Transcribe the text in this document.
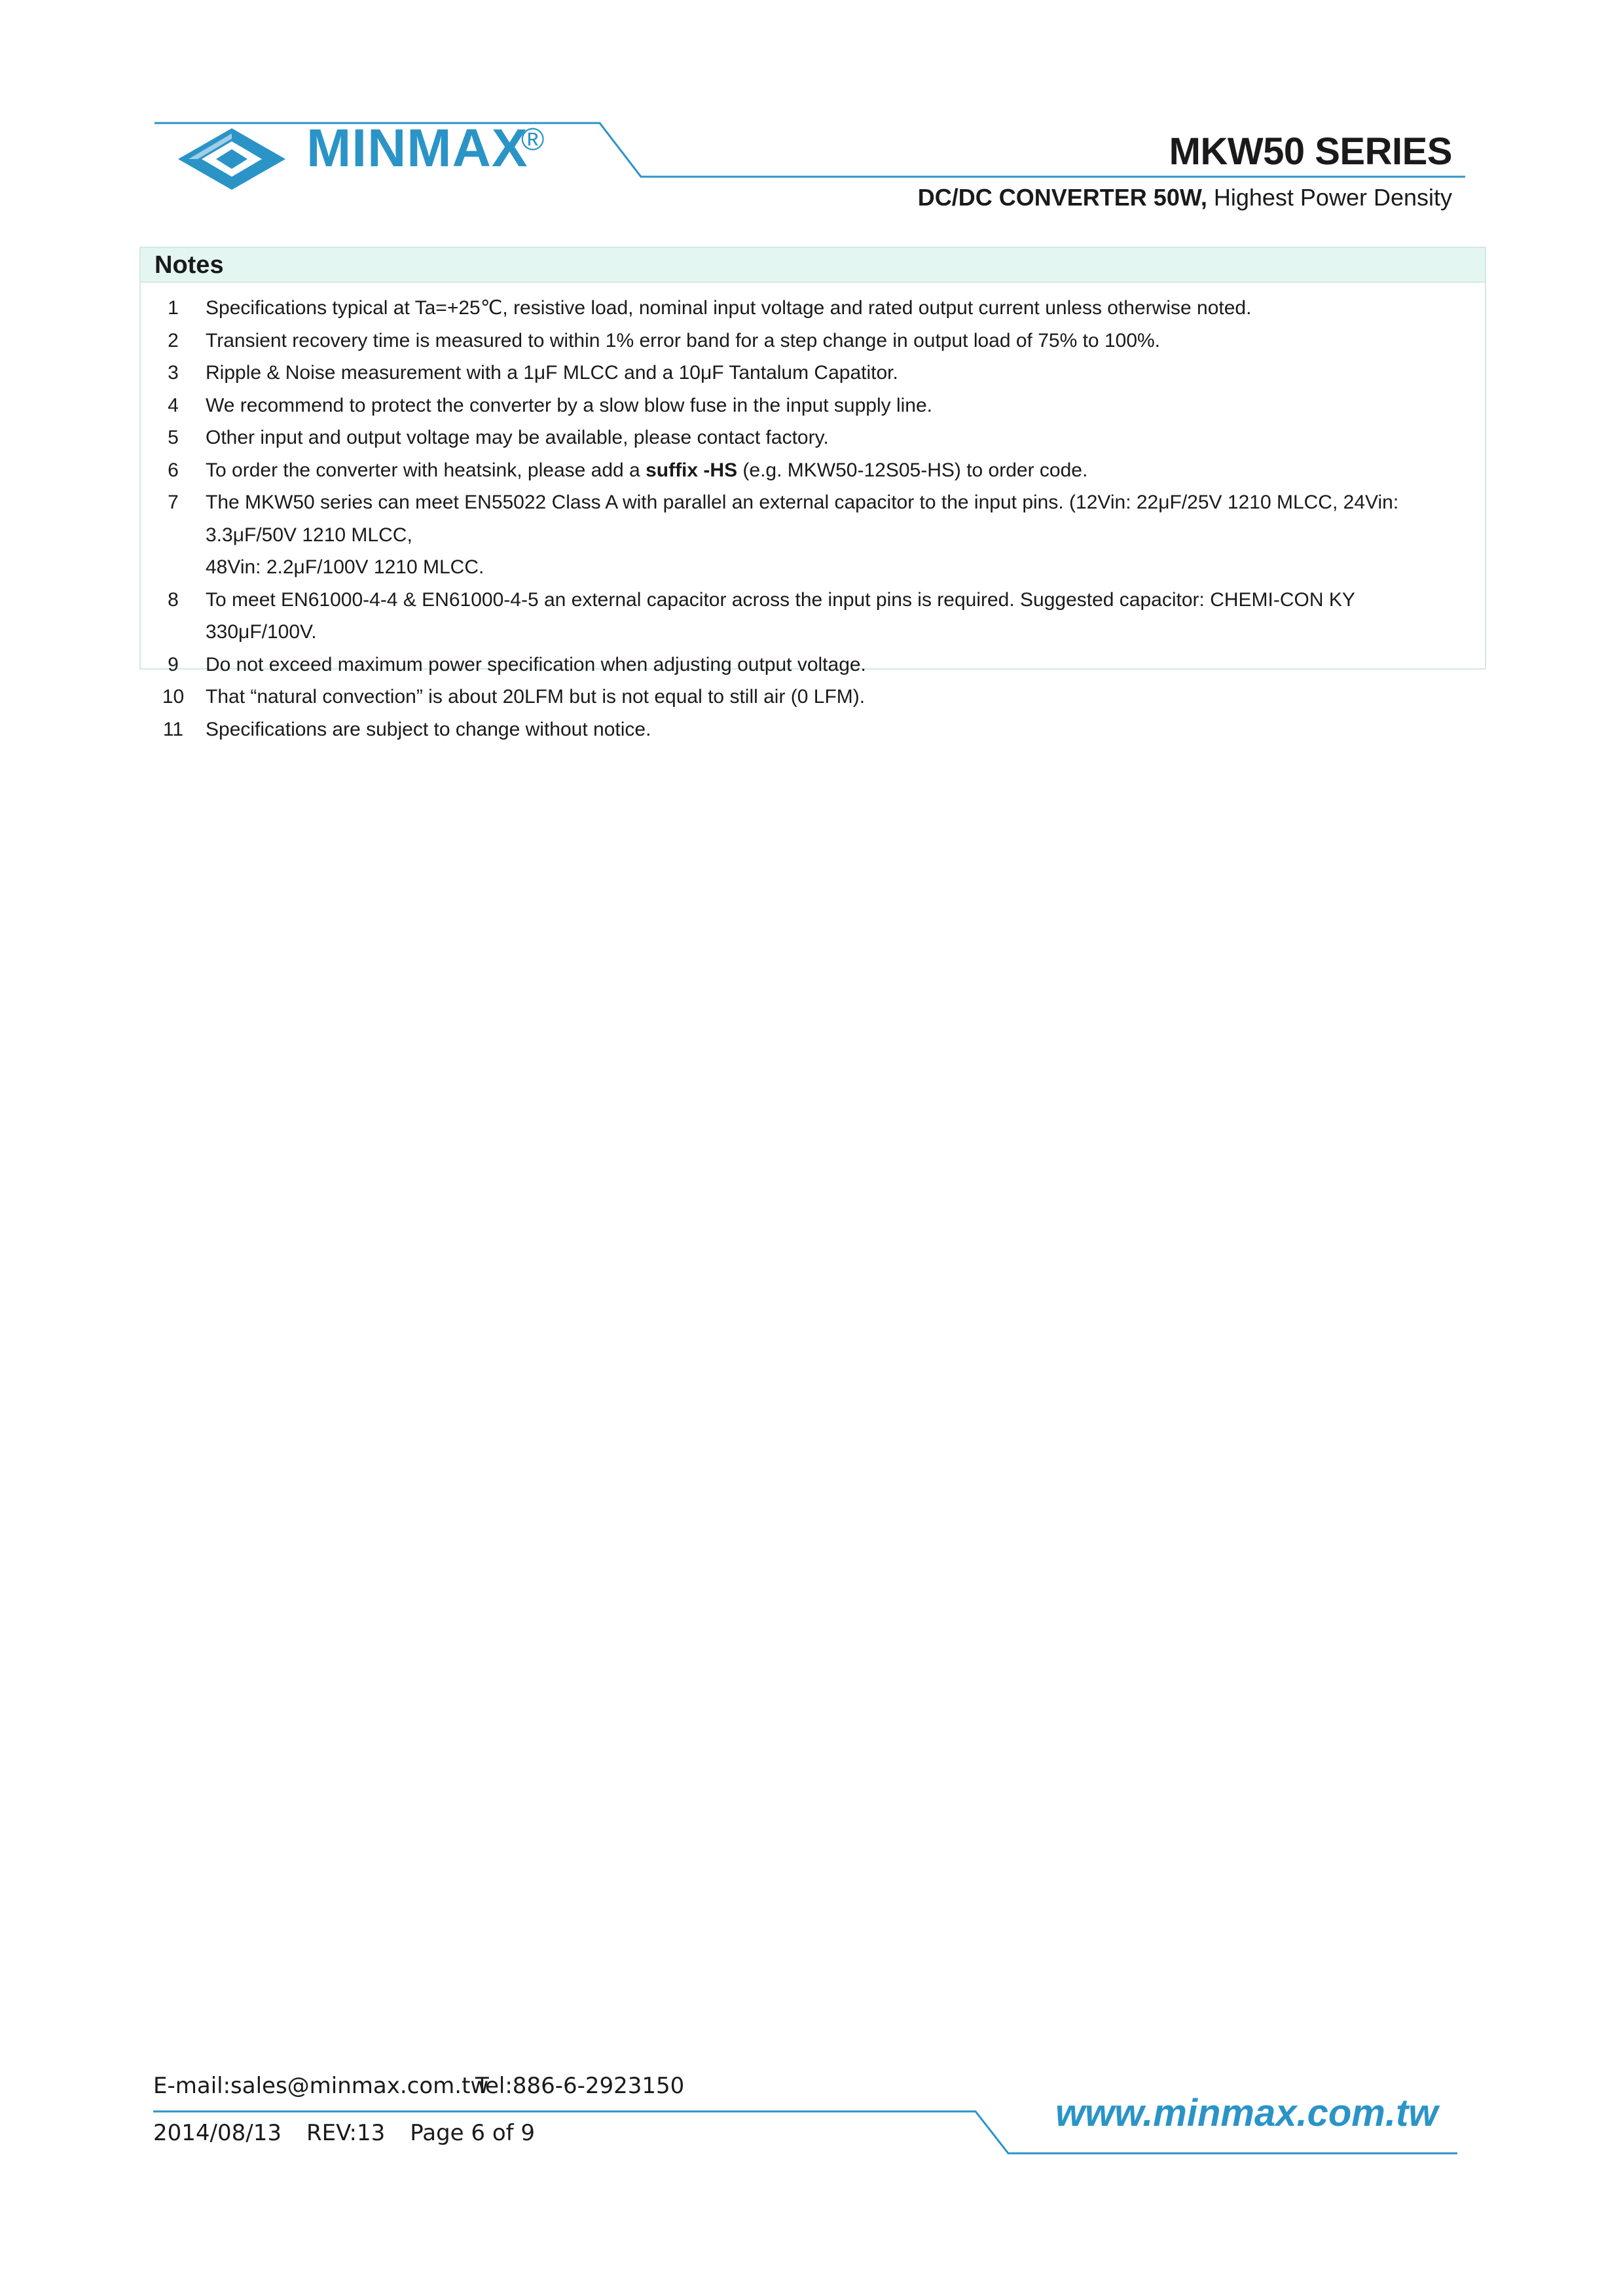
MINMAX
®	MKW50 SERIES
DC/DC CONVERTER 50W, Highest Power Density
Notes
1	Specifications typical at Ta=+25℃, resistive load, nominal input voltage and rated output current unless otherwise noted.
2	Transient recovery time is measured to within 1% error band for a step change in output load of 75% to 100%.
3	Ripple & Noise measurement with a 1μF MLCC and a 10μF Tantalum Capatitor.
4	We recommend to protect the converter by a slow blow fuse in the input supply line.
5	Other input and output voltage may be available, please contact factory.
6	To order the converter with heatsink, please add a suffix -HS (e.g. MKW50-12S05-HS) to order code.
7	The MKW50 series can meet EN55022 Class A with parallel an external capacitor to the input pins. (12Vin: 22μF/25V 1210 MLCC, 24Vin: 3.3μF/50V 1210 MLCC,
48Vin: 2.2μF/100V 1210 MLCC.
8	To meet EN61000-4-4 & EN61000-4-5 an external capacitor across the input pins is required. Suggested capacitor: CHEMI-CON KY 330μF/100V.
9	Do not exceed maximum power specification when adjusting output voltage.
10	That “natural convection” is about 20LFM but is not equal to still air (0 LFM).
11	Specifications are subject to change without notice.
E-mail:sales@minmax.com.tw
Tel:886-6-2923150
2014/08/13 REV:13 Page 6 of 9	www.minmax.com.tw
